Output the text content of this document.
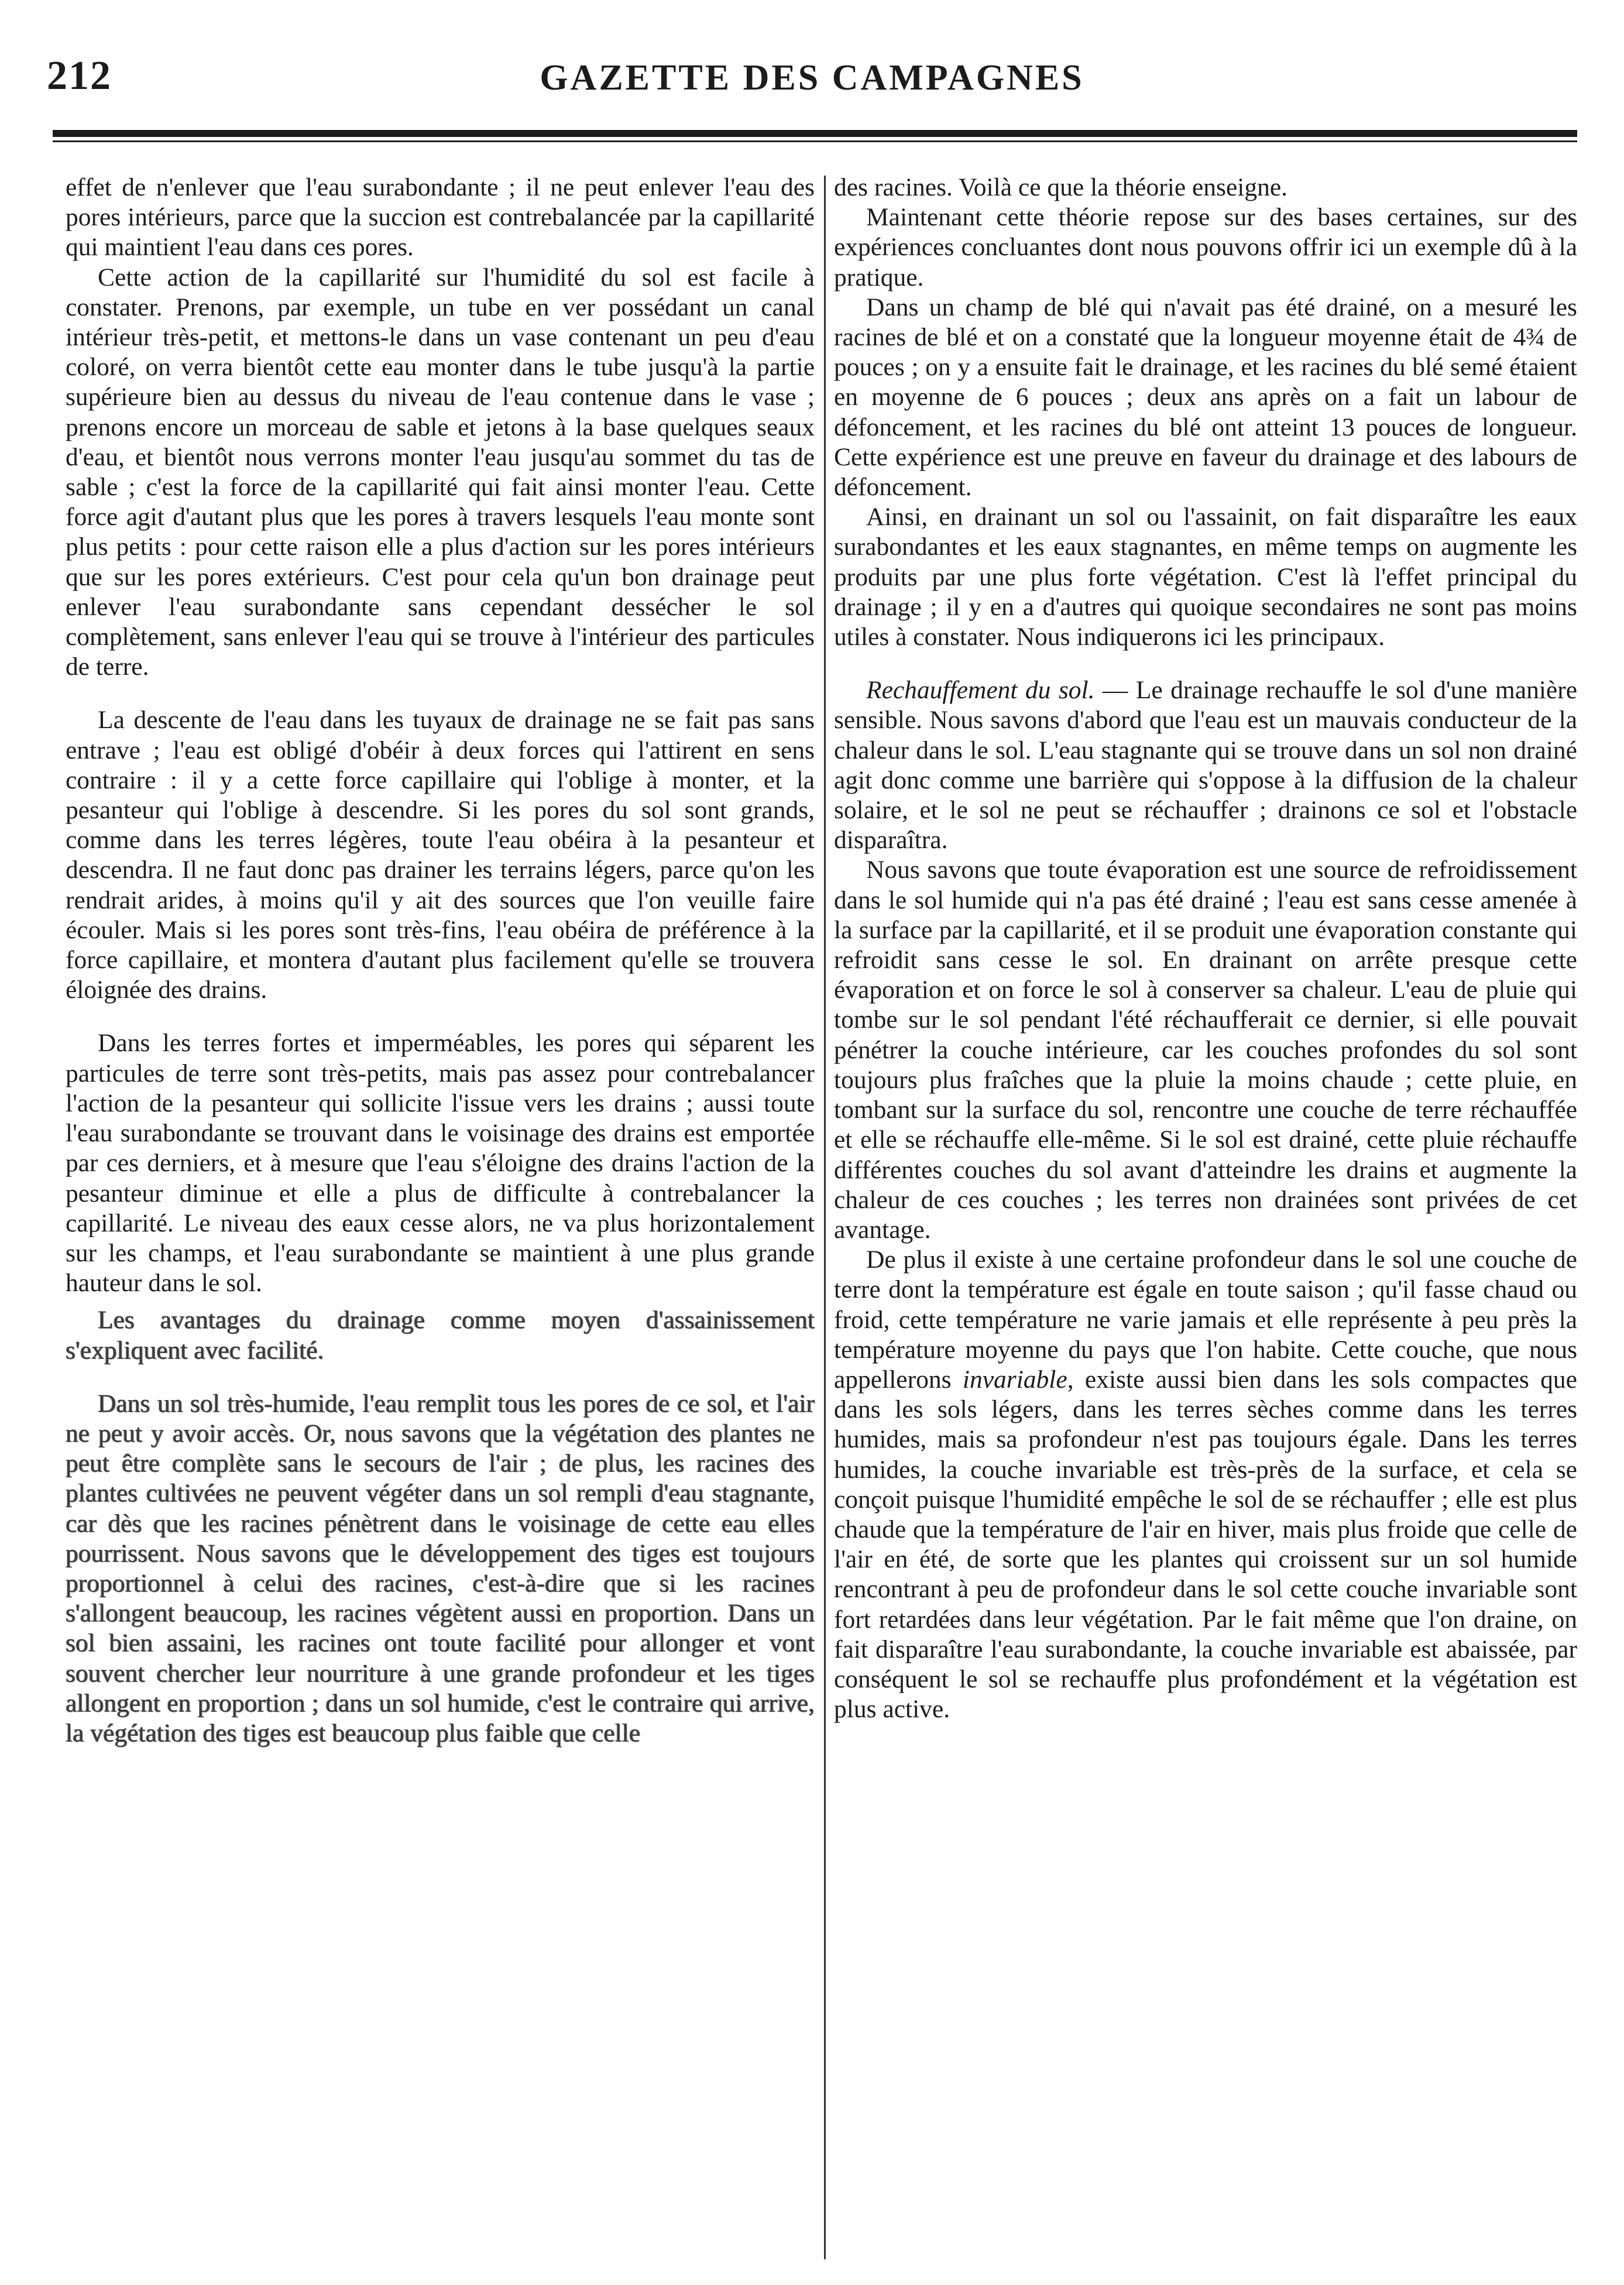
212	GAZETTE DES CAMPAGNES

effet de n'enlever que l'eau surabondante ; il ne peut enlever l'eau des pores intérieurs, parce que la succion est contrebalancée par la capillarité qui maintient l'eau dans ces pores.

Cette action de la capillarité sur l'humidité du sol est facile à constater. Prenons, par exemple, un tube en ver possédant un canal intérieur très-petit, et mettons-le dans un vase contenant un peu d'eau coloré, on verra bientôt cette eau monter dans le tube jusqu'à la partie supérieure bien au dessus du niveau de l'eau contenue dans le vase ; prenons encore un morceau de sable et jetons à la base quelques seaux d'eau, et bientôt nous verrons monter l'eau jusqu'au sommet du tas de sable ; c'est la force de la capillarité qui fait ainsi monter l'eau. Cette force agit d'autant plus que les pores à travers lesquels l'eau monte sont plus petits : pour cette raison elle a plus d'action sur les pores intérieurs que sur les pores extérieurs. C'est pour cela qu'un bon drainage peut enlever l'eau surabondante sans cependant dessécher le sol complètement, sans enlever l'eau qui se trouve à l'intérieur des particules de terre.

La descente de l'eau dans les tuyaux de drainage ne se fait pas sans entrave ; l'eau est obligé d'obéir à deux forces qui l'attirent en sens contraire : il y a cette force capillaire qui l'oblige à monter, et la pesanteur qui l'oblige à descendre. Si les pores du sol sont grands, comme dans les terres légères, toute l'eau obéira à la pesanteur et descendra. Il ne faut donc pas drainer les terrains légers, parce qu'on les rendrait arides, à moins qu'il y ait des sources que l'on veuille faire écouler. Mais si les pores sont très-fins, l'eau obéira de préférence à la force capillaire, et montera d'autant plus facilement qu'elle se trouvera éloignée des drains.

Dans les terres fortes et imperméables, les pores qui séparent les particules de terre sont très-petits, mais pas assez pour contrebalancer l'action de la pesanteur qui sollicite l'issue vers les drains ; aussi toute l'eau surabondante se trouvant dans le voisinage des drains est emportée par ces derniers, et à mesure que l'eau s'éloigne des drains l'action de la pesanteur diminue et elle a plus de difficulte à contrebalancer la capillarité. Le niveau des eaux cesse alors, ne va plus horizontalement sur les champs, et l'eau surabondante se maintient à une plus grande hauteur dans le sol.

Les avantages du drainage comme moyen d'assainissement s'expliquent avec facilité.

Dans un sol très-humide, l'eau remplit tous les pores de ce sol, et l'air ne peut y avoir accès. Or, nous savons que la végétation des plantes ne peut être complète sans le secours de l'air ; de plus, les racines des plantes cultivées ne peuvent végéter dans un sol rempli d'eau stagnante, car dès que les racines pénètrent dans le voisinage de cette eau elles pourrissent. Nous savons que le développement des tiges est toujours proportionnel à celui des racines, c'est-à-dire que si les racines s'allongent beaucoup, les racines végètent aussi en proportion. Dans un sol bien assaini, les racines ont toute facilité pour allonger et vont souvent chercher leur nourriture à une grande profondeur et les tiges allongent en proportion ; dans un sol humide, c'est le contraire qui arrive, la végétation des tiges est beaucoup plus faible que celle

des racines. Voilà ce que la théorie enseigne.

Maintenant cette théorie repose sur des bases certaines, sur des expériences concluantes dont nous pouvons offrir ici un exemple dû à la pratique.

Dans un champ de blé qui n'avait pas été drainé, on a mesuré les racines de blé et on a constaté que la longueur moyenne était de 4¾ de pouces ; on y a ensuite fait le drainage, et les racines du blé semé étaient en moyenne de 6 pouces ; deux ans après on a fait un labour de défoncement, et les racines du blé ont atteint 13 pouces de longueur. Cette expérience est une preuve en faveur du drainage et des labours de défoncement.

Ainsi, en drainant un sol ou l'assainit, on fait disparaître les eaux surabondantes et les eaux stagnantes, en même temps on augmente les produits par une plus forte végétation. C'est là l'effet principal du drainage ; il y en a d'autres qui quoique secondaires ne sont pas moins utiles à constater. Nous indiquerons ici les principaux.

Rechauffement du sol. — Le drainage rechauffe le sol d'une manière sensible. Nous savons d'abord que l'eau est un mauvais conducteur de la chaleur dans le sol. L'eau stagnante qui se trouve dans un sol non drainé agit donc comme une barrière qui s'oppose à la diffusion de la chaleur solaire, et le sol ne peut se réchauffer ; drainons ce sol et l'obstacle disparaîtra.

Nous savons que toute évaporation est une source de refroidissement dans le sol humide qui n'a pas été drainé ; l'eau est sans cesse amenée à la surface par la capillarité, et il se produit une évaporation constante qui refroidit sans cesse le sol. En drainant on arrête presque cette évaporation et on force le sol à conserver sa chaleur. L'eau de pluie qui tombe sur le sol pendant l'été réchaufferait ce dernier, si elle pouvait pénétrer la couche intérieure, car les couches profondes du sol sont toujours plus fraîches que la pluie la moins chaude ; cette pluie, en tombant sur la surface du sol, rencontre une couche de terre réchauffée et elle se réchauffe elle-même. Si le sol est drainé, cette pluie réchauffe différentes couches du sol avant d'atteindre les drains et augmente la chaleur de ces couches ; les terres non drainées sont privées de cet avantage.

De plus il existe à une certaine profondeur dans le sol une couche de terre dont la température est égale en toute saison ; qu'il fasse chaud ou froid, cette température ne varie jamais et elle représente à peu près la température moyenne du pays que l'on habite. Cette couche, que nous appellerons invariable, existe aussi bien dans les sols compactes que dans les sols légers, dans les terres sèches comme dans les terres humides, mais sa profondeur n'est pas toujours égale. Dans les terres humides, la couche invariable est très-près de la surface, et cela se conçoit puisque l'humidité empêche le sol de se réchauffer ; elle est plus chaude que la température de l'air en hiver, mais plus froide que celle de l'air en été, de sorte que les plantes qui croissent sur un sol humide rencontrant à peu de profondeur dans le sol cette couche invariable sont fort retardées dans leur végétation. Par le fait même que l'on draine, on fait disparaître l'eau surabondante, la couche invariable est abaissée, par conséquent le sol se rechauffe plus profondément et la végétation est plus active.
